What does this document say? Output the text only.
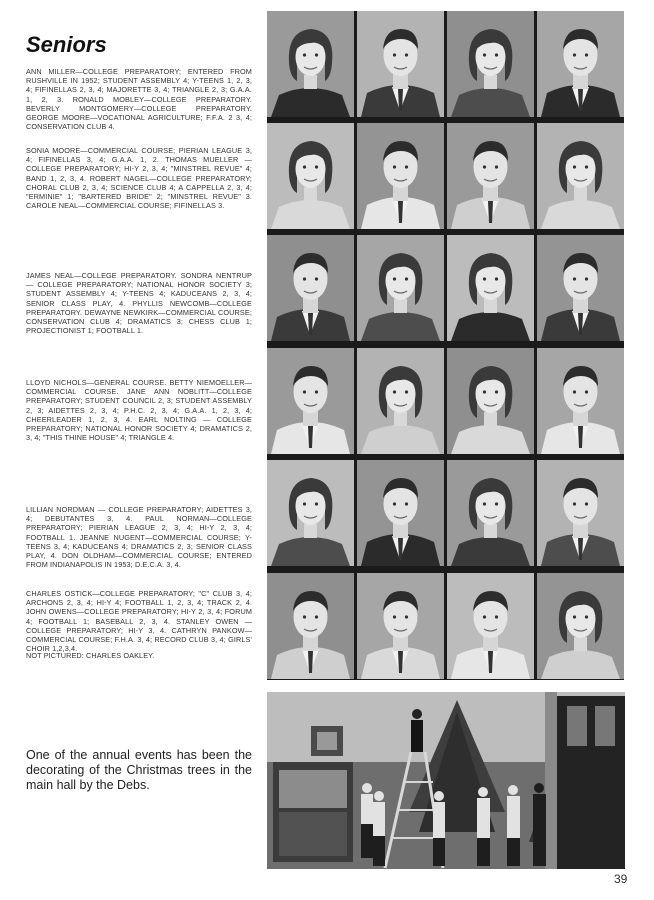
Seniors

ANN MILLER—COLLEGE PREPARATORY; ENTERED FROM RUSHVILLE IN 1952; STUDENT ASSEMBLY 4; Y-TEENS 1, 2, 3, 4; FIFINELLAS 2, 3, 4; MAJORETTE 3, 4; TRIANGLE 2, 3; G.A.A. 1, 2, 3. RONALD MOBLEY—COLLEGE PREPARATORY. BEVERLY MONTGOMERY—COLLEGE PREPARATORY. GEORGE MOORE—VOCATIONAL AGRICULTURE; F.F.A. 2 3, 4; CONSERVATION CLUB 4.

SONIA MOORE—COMMERCIAL COURSE; PIERIAN LEAGUE 3, 4; FIFINELLAS 3, 4; G.A.A. 1, 2. THOMAS MUELLER — COLLEGE PREPARATORY; HI-Y 2, 3, 4; "MINSTREL REVUE" 4; BAND 1, 2, 3, 4. ROBERT NAGEL—COLLEGE PREPARATORY; CHORAL CLUB 2, 3, 4; SCIENCE CLUB 4; A CAPPELLA 2, 3, 4; "ERMINIE" 1; "BARTERED BRIDE" 2; "MINSTREL REVUE" 3. CAROLE NEAL—COMMERCIAL COURSE; FIFINELLAS 3.

JAMES NEAL—COLLEGE PREPARATORY. SONDRA NENTRUP — COLLEGE PREPARATORY; NATIONAL HONOR SOCIETY 3; STUDENT ASSEMBLY 4; Y-TEENS 4; KADUCEANS 2, 3, 4; SENIOR CLASS PLAY, 4. PHYLLIS NEWCOMB—COLLEGE PREPARATORY. DEWAYNE NEWKIRK—COMMERCIAL COURSE; CONSERVATION CLUB 4; DRAMATICS 3; CHESS CLUB 1; PROJECTIONIST 1; FOOTBALL 1.

LLOYD NICHOLS—GENERAL COURSE. BETTY NIEMOELLER—COMMERCIAL COURSE. JANE ANN NOBLITT—COLLEGE PREPARATORY; STUDENT COUNCIL 2, 3; STUDENT ASSEMBLY 2, 3; AIDETTES 2, 3, 4; P.H.C. 2, 3, 4; G.A.A. 1, 2, 3, 4; CHEERLEADER 1, 2, 3, 4. EARL NOLTING — COLLEGE PREPARATORY; NATIONAL HONOR SOCIETY 4; DRAMATICS 2, 3, 4; "THIS THINE HOUSE" 4; TRIANGLE 4.

LILLIAN NORDMAN — COLLEGE PREPARATORY; AIDETTES 3, 4; DEBUTANTES 3, 4. PAUL NORMAN—COLLEGE PREPARATORY; PIERIAN LEAGUE 2, 3, 4; HI-Y 2, 3, 4; FOOTBALL 1. JEANNE NUGENT—COMMERCIAL COURSE; Y-TEENS 3, 4; KADUCEANS 4; DRAMATICS 2, 3; SENIOR CLASS PLAY, 4. DON OLDHAM—COMMERCIAL COURSE; ENTERED FROM INDIANAPOLIS IN 1953; D.E.C.A. 3, 4.

CHARLES OSTICK—COLLEGE PREPARATORY; "C" CLUB 3, 4; ARCHONS 2, 3, 4; HI-Y 4; FOOTBALL 1, 2, 3, 4; TRACK 2, 4. JOHN OWENS—COLLEGE PREPARATORY; HI-Y 2, 3, 4; FORUM 4; FOOTBALL 1; BASEBALL 2, 3, 4. STANLEY OWEN — COLLEGE PREPARATORY; HI-Y 3, 4. CATHRYN PANKOW—COMMERCIAL COURSE; F.H.A. 3, 4; RECORD CLUB 3, 4; GIRLS' CHOIR 1,2,3,4.

NOT PICTURED: CHARLES OAKLEY.

One of the annual events has been the decorating of the Christmas trees in the main hall by the Debs.

39
